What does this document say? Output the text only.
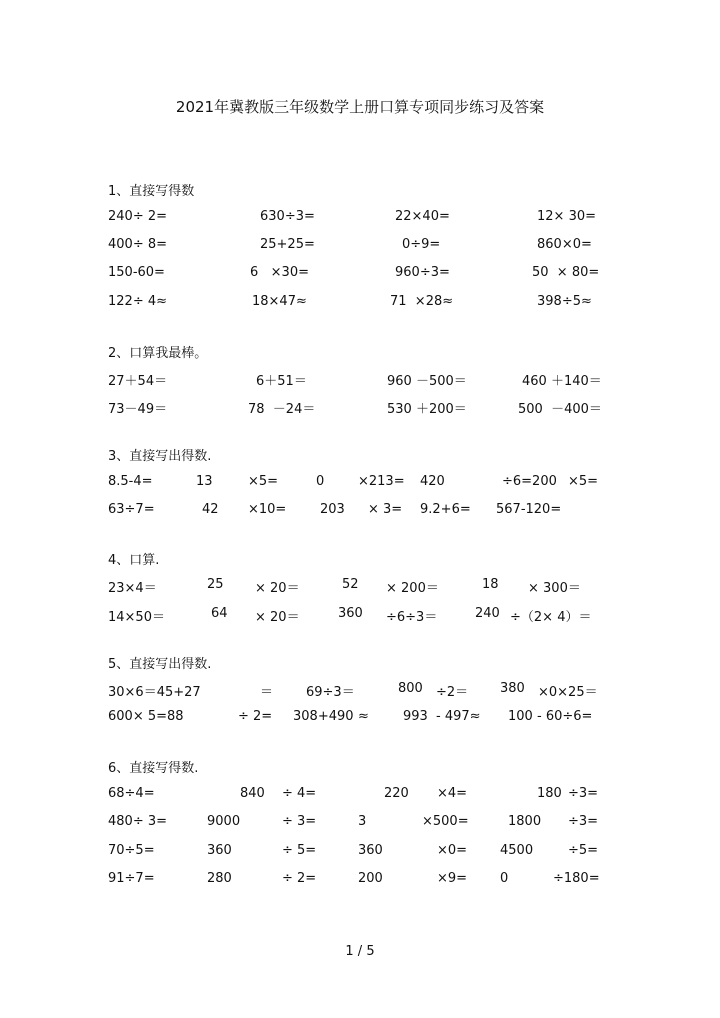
2021年冀教版三年级数学上册口算专项同步练习及答案
1、直接写得数
240÷ 2=	630÷3=	22×40=	12× 30=
400÷ 8=	25+25=	0÷9=	860×0=
150-60=	6   ×30=	960÷3=	50  × 80=
122÷ 4≈	18×47≈	71  ×28≈	398÷5≈
2、口算我最棒。
27＋54＝	6＋51＝	960 －500＝	460 ＋140＝
73－49＝	78  －24＝	530 ＋200＝	500  －400＝
3、直接写出得数.
8.5-4=	13	×5=	0	×213= 420	÷6=200 ×5=
63÷7=	42 ×10=	203 × 3= 9.2+6= 567-120=
4、口算.
23×4＝	25 × 20＝	52 × 200＝	18 × 300＝
14×50＝	64 × 20＝	360 ÷6÷3＝	240 ÷（2× 4）＝
5、直接写出得数.
30×6＝45+27	＝	69÷3＝	800 ÷2＝ 380 ×0×25＝
600× 5=88	÷ 2= 308+490 ≈	993 - 497≈ 100 - 60÷6=
6、直接写得数.
68÷4=	840 ÷ 4=	220 ×4=	180 ÷3=
480÷ 3=	9000	÷ 3=	3	×500=	1800 ÷3=
70÷5=	360	÷ 5=	360	×0=	4500	÷5=
91÷7=	280	÷ 2=	200	×9=	0	÷180=
1 / 5
